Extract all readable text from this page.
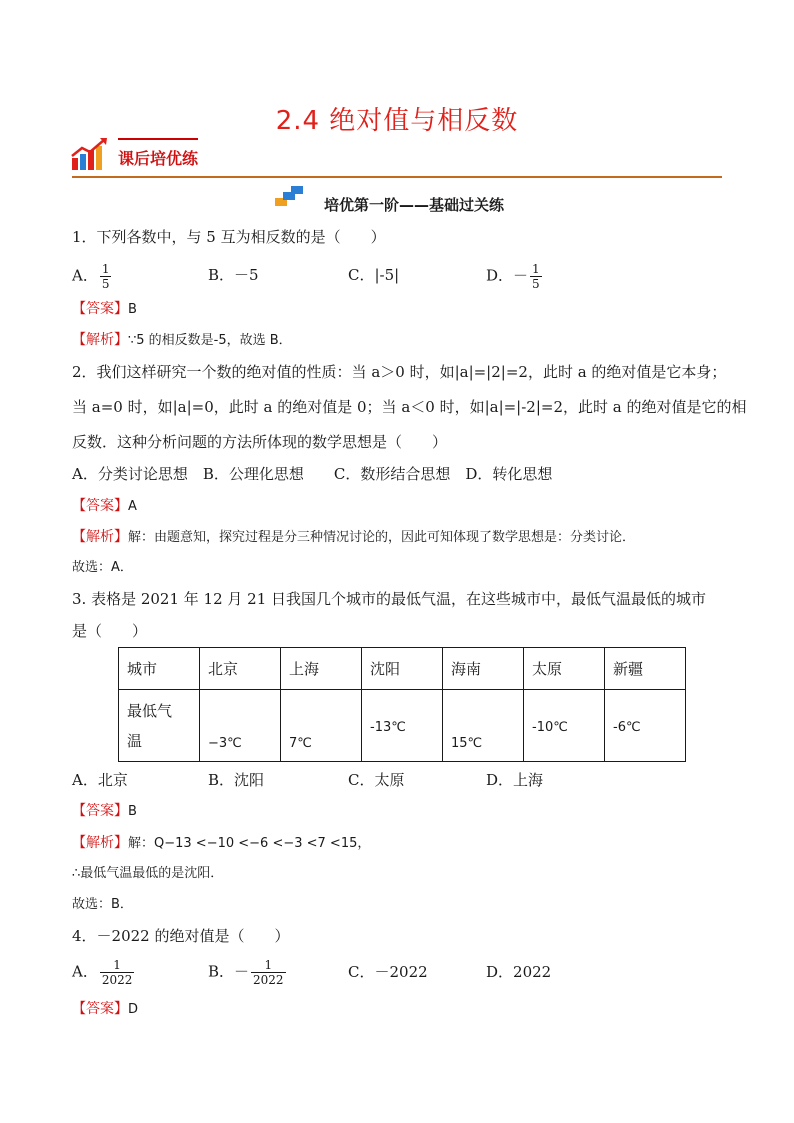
2.4 绝对值与相反数
课后培优练
培优第一阶——基础过关练
1．下列各数中，与 5 互为相反数的是（　　）
A． $\frac{1}{5}$	B．－5	C．|-5|	D．－ $\frac{1}{5}$
【答案】B
【解析】∵5 的相反数是-5，故选 B．
2．我们这样研究一个数的绝对值的性质：当 a＞0 时，如|a|=|2|=2，此时 a 的绝对值是它本身；
当 a=0 时，如|a|=0，此时 a 的绝对值是 0；当 a＜0 时，如|a|=|-2|=2，此时 a 的绝对值是它的相
反数．这种分析问题的方法所体现的数学思想是（　　）
A．分类讨论思想　B．公理化思想　　C．数形结合思想　D．转化思想
【答案】A
【解析】解：由题意知，探究过程是分三种情况讨论的，因此可知体现了数学思想是：分类讨论．
故选：A．
3. 表格是 2021 年 12 月 21 日我国几个城市的最低气温，在这些城市中，最低气温最低的城市
是（　　）
城市	北京	上海	沈阳	海南	太原	新疆
最低气
温	−3℃	7℃	-13℃	15℃	-10℃	-6℃
A．北京	B．沈阳	C．太原	D．上海
【答案】B
【解析】解：Q−13 <−10 <−6 <−3 <7 <15，
∴最低气温最低的是沈阳．
故选：B．
4．－2022 的绝对值是（　　）
A． $\frac{1}{2022}$	B．－ $\frac{1}{2022}$	C．－2022	D．2022
【答案】D
